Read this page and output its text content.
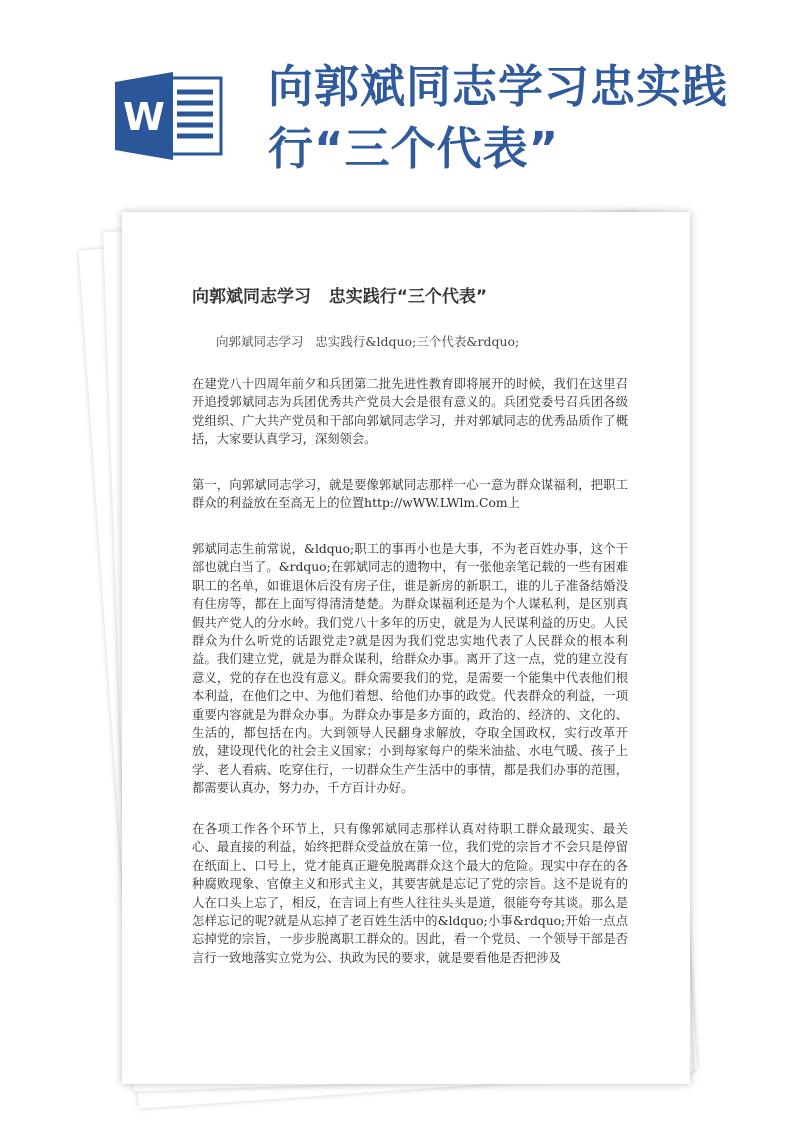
W
向郭斌同志学习忠实践
行“三个代表”
向郭斌同志学习   忠实践行“三个代表”
向郭斌同志学习   忠实践行&ldquo;三个代表&rdquo;
在建党八十四周年前夕和兵团第二批先进性教育即将展开的时候，我们在这里召开追授郭斌同志为兵团优秀共产党员大会是很有意义的。兵团党委号召兵团各级党组织、广大共产党员和干部向郭斌同志学习，并对郭斌同志的优秀品质作了概括，大家要认真学习，深刻领会。
第一，向郭斌同志学习，就是要像郭斌同志那样一心一意为群众谋福利，把职工群众的利益放在至高无上的位置http://wWW.LWlm.Com上
郭斌同志生前常说，&ldquo;职工的事再小也是大事，不为老百姓办事，这个干部也就白当了。&rdquo;在郭斌同志的遗物中，有一张他亲笔记载的一些有困难职工的名单，如谁退休后没有房子住，谁是新房的新职工，谁的儿子准备结婚没有住房等，都在上面写得清清楚楚。为群众谋福利还是为个人谋私利，是区别真假共产党人的分水岭。我们党八十多年的历史，就是为人民谋利益的历史。人民群众为什么听党的话跟党走?就是因为我们党忠实地代表了人民群众的根本利益。我们建立党，就是为群众谋利，给群众办事。离开了这一点，党的建立没有意义，党的存在也没有意义。群众需要我们的党，是需要一个能集中代表他们根本利益，在他们之中、为他们着想、给他们办事的政党。代表群众的利益，一项重要内容就是为群众办事。为群众办事是多方面的，政治的、经济的、文化的、生活的，都包括在内。大到领导人民翻身求解放，夺取全国政权，实行改革开放，建设现代化的社会主义国家；小到每家每户的柴米油盐、水电气暖、孩子上学、老人看病、吃穿住行，一切群众生产生活中的事情，都是我们办事的范围，都需要认真办，努力办，千方百计办好。
在各项工作各个环节上，只有像郭斌同志那样认真对待职工群众最现实、最关心、最直接的利益，始终把群众受益放在第一位，我们党的宗旨才不会只是停留在纸面上、口号上，党才能真正避免脱离群众这个最大的危险。现实中存在的各种腐败现象、官僚主义和形式主义，其要害就是忘记了党的宗旨。这不是说有的人在口头上忘了，相反，在言词上有些人往往头头是道，很能夸夸其谈。那么是怎样忘记的呢?就是从忘掉了老百姓生活中的&ldquo;小事&rdquo;开始一点点忘掉党的宗旨，一步步脱离职工群众的。因此，看一个党员、一个领导干部是否言行一致地落实立党为公、执政为民的要求，就是要看他是否把涉及
